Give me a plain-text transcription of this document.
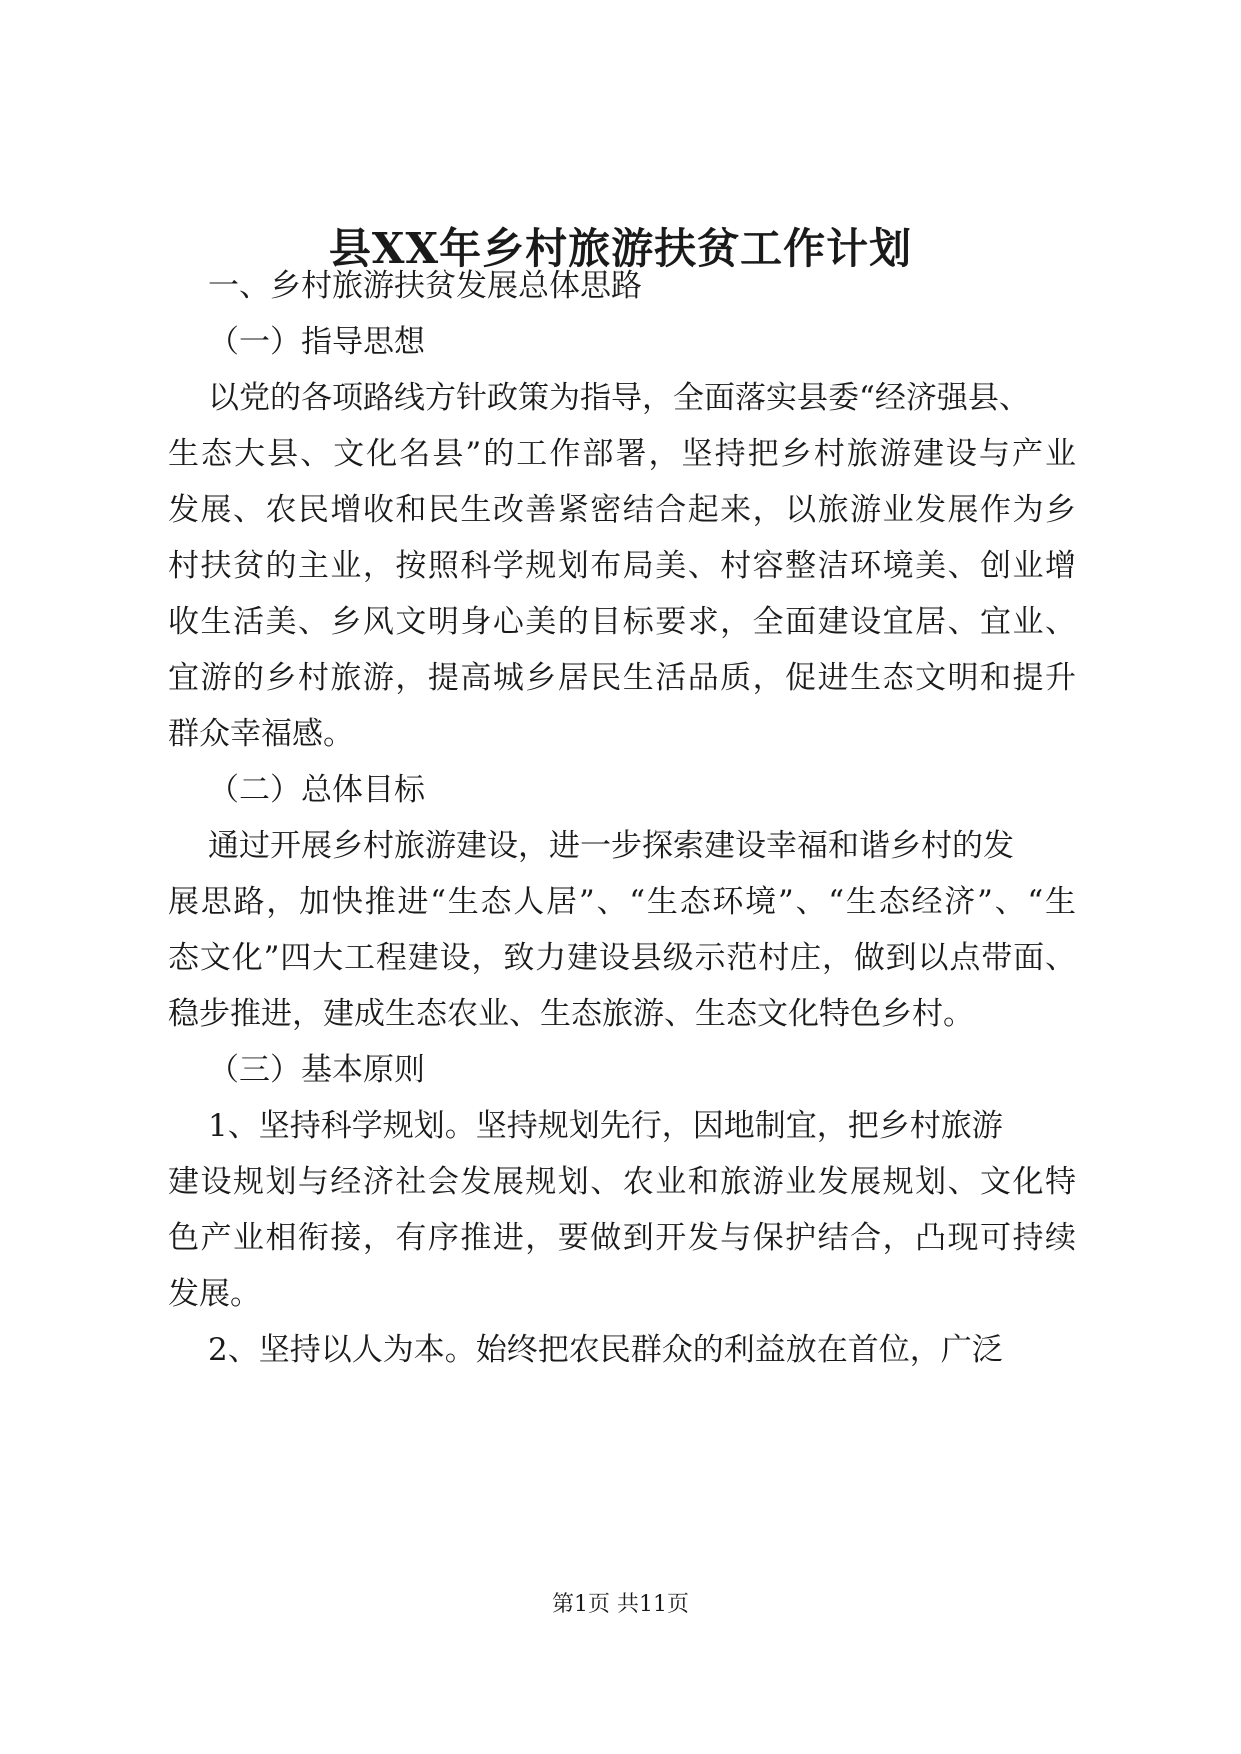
县XX年乡村旅游扶贫工作计划
一、乡村旅游扶贫发展总体思路
（一）指导思想
以党的各项路线方针政策为指导，全面落实县委“经济强县、
生态大县、文化名县”的工作部署，坚持把乡村旅游建设与产业
发展、农民增收和民生改善紧密结合起来，以旅游业发展作为乡
村扶贫的主业，按照科学规划布局美、村容整洁环境美、创业增
收生活美、乡风文明身心美的目标要求，全面建设宜居、宜业、
宜游的乡村旅游，提高城乡居民生活品质，促进生态文明和提升
群众幸福感。
（二）总体目标
通过开展乡村旅游建设，进一步探索建设幸福和谐乡村的发
展思路，加快推进“生态人居”、“生态环境”、“生态经济”、“生
态文化”四大工程建设，致力建设县级示范村庄，做到以点带面、
稳步推进，建成生态农业、生态旅游、生态文化特色乡村。
（三）基本原则
1、坚持科学规划。坚持规划先行，因地制宜，把乡村旅游
建设规划与经济社会发展规划、农业和旅游业发展规划、文化特
色产业相衔接，有序推进，要做到开发与保护结合，凸现可持续
发展。
2、坚持以人为本。始终把农民群众的利益放在首位，广泛
第1页 共11页
